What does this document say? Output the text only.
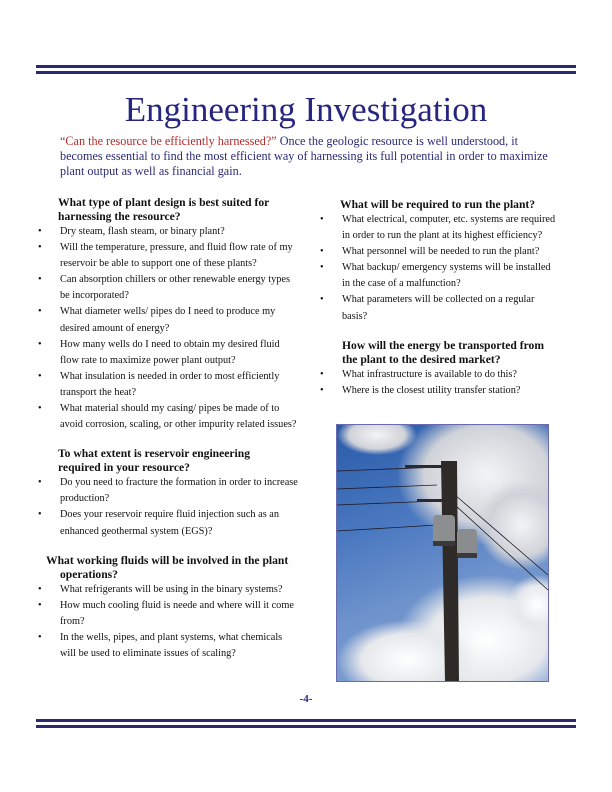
Engineering Investigation
“Can the resource be efficiently harnessed?” Once the geologic resource is well understood, it becomes essential to find the most efficient way of harnessing its full potential in order to maximize plant output as well as financial gain.
What type of plant design is best suited for harnessing the resource?
• Dry steam, flash steam, or binary plant?
• Will the temperature, pressure, and fluid flow rate of my reservoir be able to support one of these plants?
• Can absorption chillers or other renewable energy types be incorporated?
• What diameter wells/ pipes do I need to produce my desired amount of energy?
• How many wells do I need to obtain my desired fluid flow rate to maximize power plant output?
• What insulation is needed in order to most efficiently transport the heat?
• What material should my casing/ pipes be made of to avoid corrosion, scaling, or other impurity related issues?
To what extent is reservoir engineering required in your resource?
• Do you need to fracture the formation in order to increase production?
• Does your reservoir require fluid injection such as an enhanced geothermal system (EGS)?
What working fluids will be involved in the plant operations?
• What refrigerants will be using in the binary systems?
• How much cooling fluid is neede and where will it come from?
• In the wells, pipes, and plant systems, what chemicals will be used to eliminate issues of scaling?
What will be required to run the plant?
• What electrical, computer, etc. systems are required in order to run the plant at its highest efficiency?
• What personnel will be needed to run the plant?
• What backup/ emergency systems will be installed in the case of a malfunction?
• What parameters will be collected on a regular basis?
How will the energy be transported from the plant to the desired market?
• What infrastructure is available to do this?
• Where is the closest utility transfer station?
-4-
